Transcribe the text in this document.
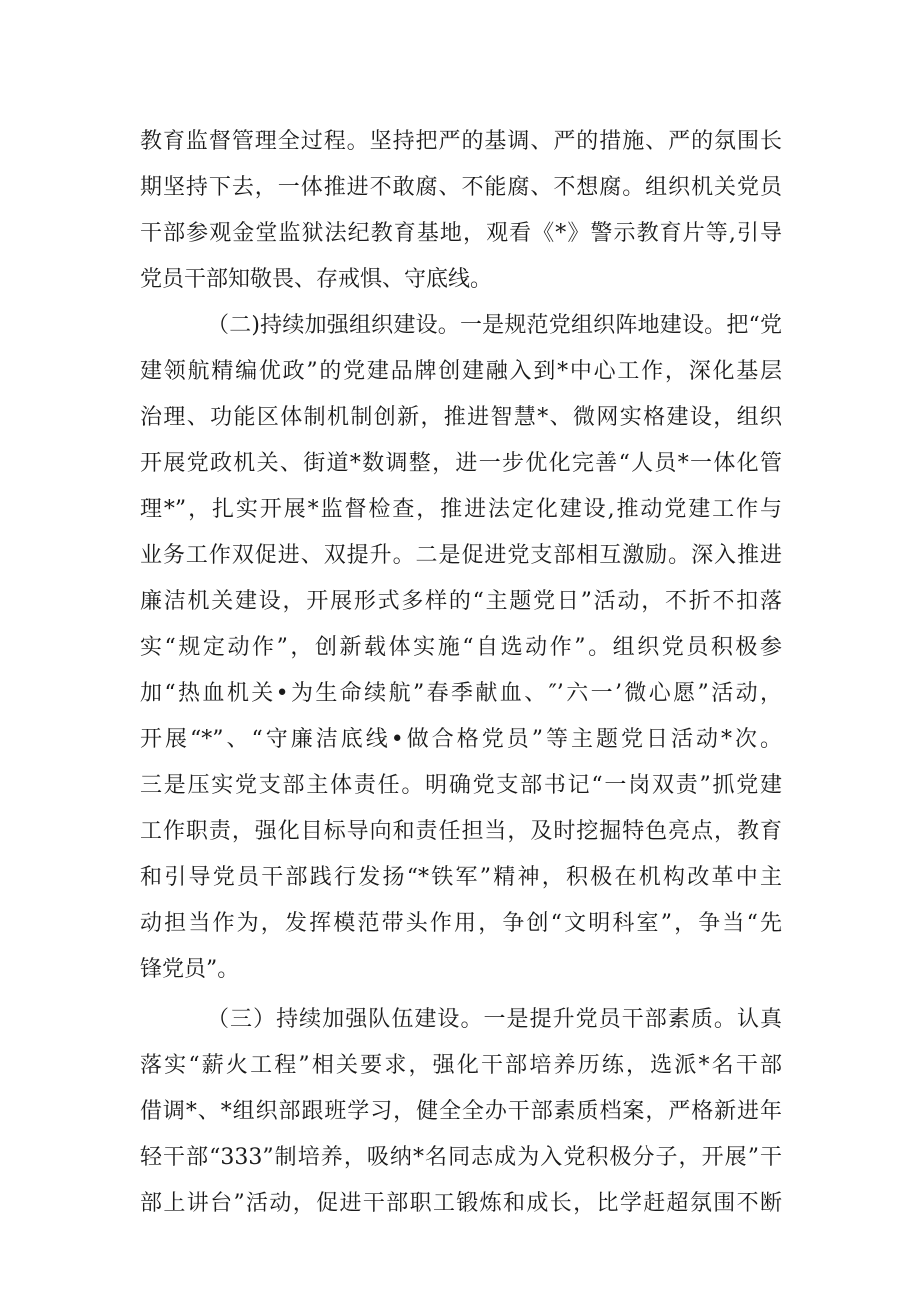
教育监督管理全过程。坚持把严的基调、严的措施、严的氛围长

期坚持下去，一体推进不敢腐、不能腐、不想腐。组织机关党员

干部参观金堂监狱法纪教育基地，观看《*》警示教育片等,引导

党员干部知敬畏、存戒惧、守底线。

（二)持续加强组织建设。一是规范党组织阵地建设。把“党

建领航精编优政”的党建品牌创建融入到*中心工作，深化基层

治理、功能区体制机制创新，推进智慧*、微网实格建设，组织

开展党政机关、街道*数调整，进一步优化完善“人员*一体化管

理*”，扎实开展*监督检查，推进法定化建设,推动党建工作与

业务工作双促进、双提升。二是促进党支部相互激励。深入推进

廉洁机关建设，开展形式多样的“主题党日”活动，不折不扣落

实“规定动作”，创新载体实施“自选动作”。组织党员积极参

加“热血机关•为生命续航”春季献血、″’六一’微心愿”活动，

开展“*”、“守廉洁底线•做合格党员”等主题党日活动*次。

三是压实党支部主体责任。明确党支部书记“一岗双责”抓党建

工作职责，强化目标导向和责任担当，及时挖掘特色亮点，教育

和引导党员干部践行发扬“*铁军”精神，积极在机构改革中主

动担当作为，发挥模范带头作用，争创“文明科室”，争当“先

锋党员”。

（三）持续加强队伍建设。一是提升党员干部素质。认真

落实“薪火工程”相关要求，强化干部培养历练，选派*名干部

借调*、*组织部跟班学习，健全全办干部素质档案，严格新进年

轻干部“333”制培养，吸纳*名同志成为入党积极分子，开展”干

部上讲台”活动，促进干部职工锻炼和成长，比学赶超氛围不断
